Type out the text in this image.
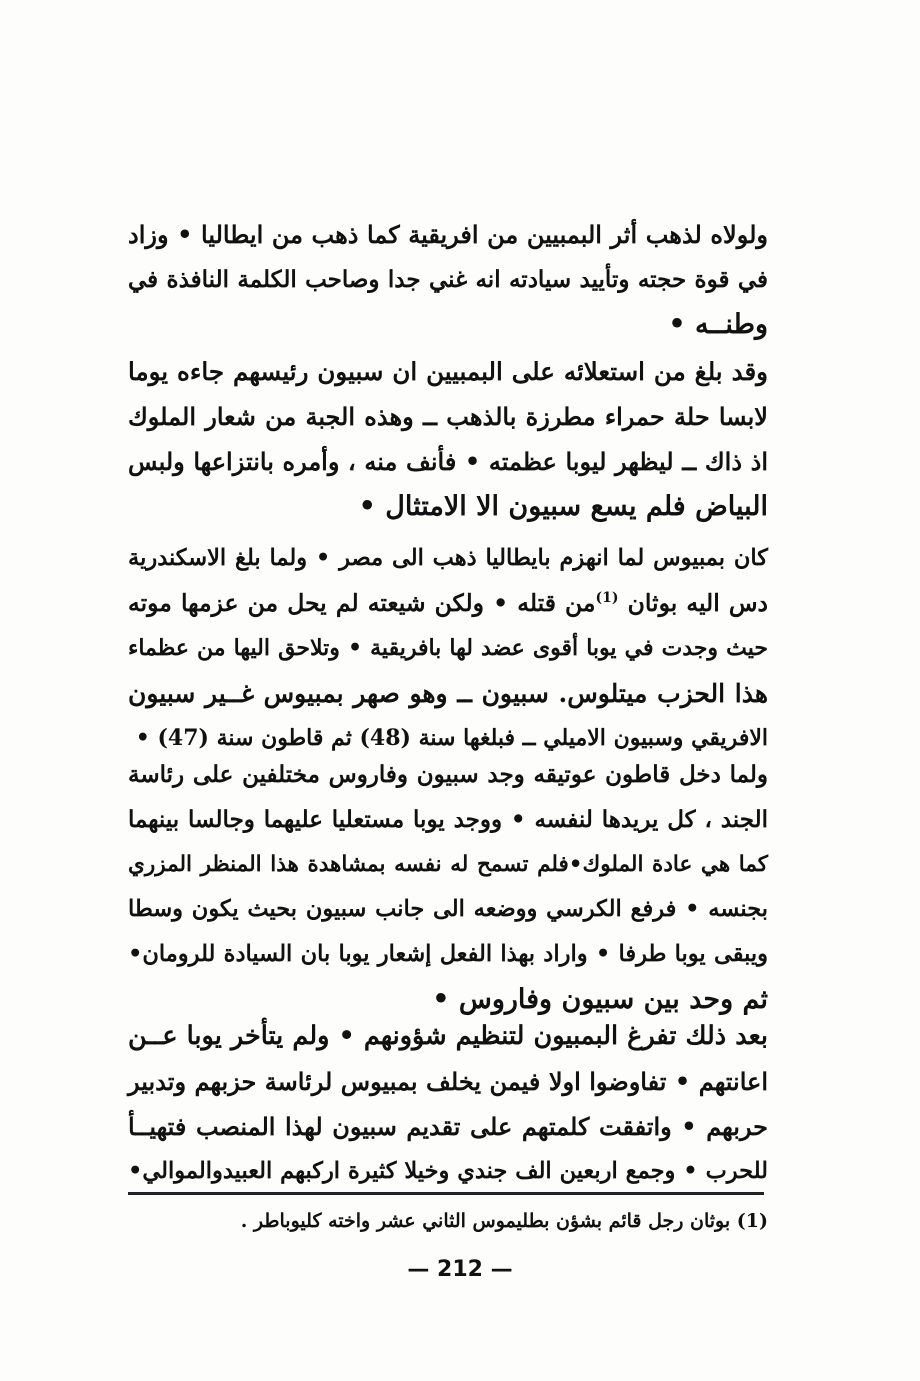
ولولاه لذهب أثر البمبيين من افريقية كما ذهب من ايطاليا • وزاد
في قوة حجته وتأييد سيادته انه غني جدا وصاحب الكلمة النافذة في
وطنــه •

وقد بلغ من استعلائه على البمبيين ان سبيون رئيسهم جاءه يوما
لابسا حلة حمراء مطرزة بالذهب ــ وهذه الجبة من شعار الملوك
اذ ذاك ــ ليظهر ليوبا عظمته • فأنف منه ، وأمره بانتزاعها ولبس
البياض فلم يسع سبيون الا الامتثال •

كان بمبيوس لما انهزم بايطاليا ذهب الى مصر • ولما بلغ الاسكندرية
دس اليه بوثان $^{(1)}$من قتله • ولكن شيعته لم يحل من عزمها موته
حيث وجدت في يوبا أقوى عضد لها بافريقية • وتلاحق اليها من عظماء
هذا الحزب ميتلوس. سبيون ــ وهو صهر بمبيوس غــير سبيون
الافريقي وسبيون الاميلي ــ فبلغها سنة (48) ثم قاطون سنة (47) •

ولما دخل قاطون عوتيقه وجد سبيون وفاروس مختلفين على رئاسة
الجند ، كل يريدها لنفسه • ووجد يوبا مستعليا عليهما وجالسا بينهما
كما هي عادة الملوك•فلم تسمح له نفسه بمشاهدة هذا المنظر المزري
بجنسه • فرفع الكرسي ووضعه الى جانب سبيون بحيث يكون وسطا
ويبقى يوبا طرفا • واراد بهذا الفعل إشعار يوبا بان السيادة للرومان•
ثم وحد بين سبيون وفاروس •

بعد ذلك تفرغ البمبيون لتنظيم شؤونهم • ولم يتأخر يوبا عــن
اعانتهم • تفاوضوا اولا فيمن يخلف بمبيوس لرئاسة حزبهم وتدبير
حربهم • واتفقت كلمتهم على تقديم سبيون لهذا المنصب فتهيــأ
للحرب • وجمع اربعين الف جندي وخيلا كثيرة اركبهم العبيدوالموالي•

(1) بوثان رجل قائم بشؤن بطليموس الثاني عشر واخته كليوباطر .
— 212 —
